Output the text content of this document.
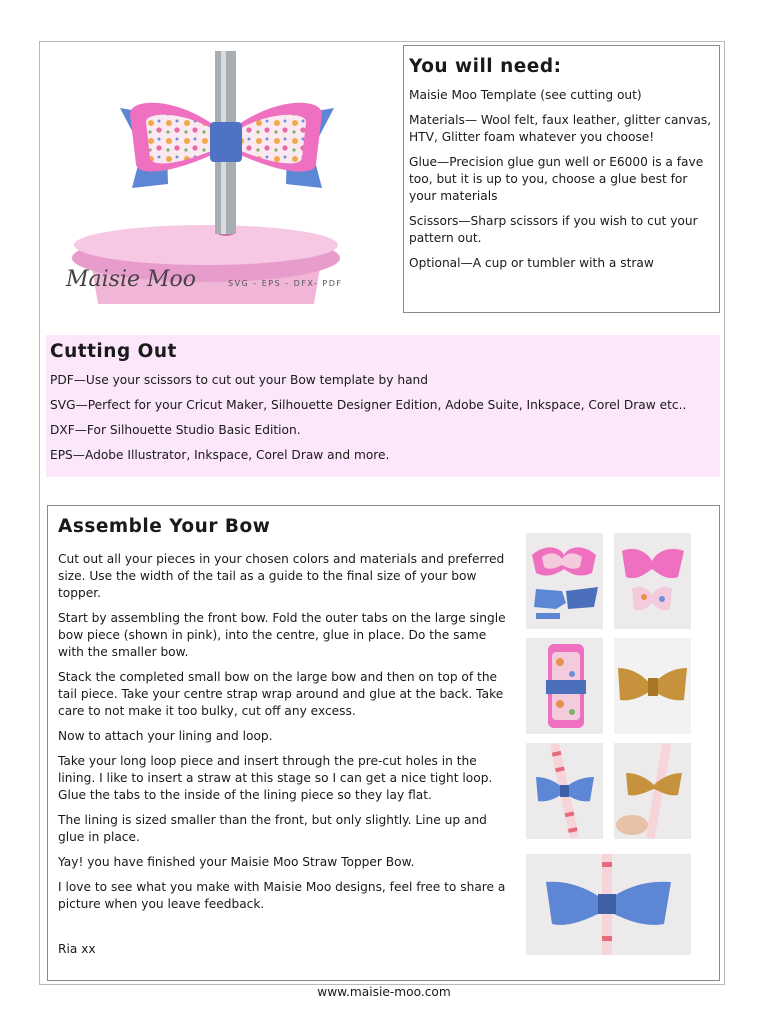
Maisie Moo	SVG - EPS - DFX- PDF
You will need:

Maisie Moo Template (see cutting out)

Materials— Wool felt, faux leather, glitter canvas, HTV, Glitter foam whatever you choose!

Glue—Precision glue gun well or E6000 is a fave too, but it is up to you, choose a glue best for your materials

Scissors—Sharp scissors if you wish to cut your pattern out.

Optional—A cup or tumbler with a straw

Cutting Out

PDF—Use your scissors to cut out your Bow template by hand

SVG—Perfect for your Cricut Maker, Silhouette Designer Edition, Adobe Suite, Inkspace, Corel Draw etc..

DXF—For Silhouette Studio Basic Edition.

EPS—Adobe Illustrator, Inkspace, Corel Draw and more.

Assemble Your Bow

Cut out all your pieces in your chosen colors and materials and preferred size. Use the width of the tail as a guide to the final size of your bow topper.

Start by assembling the front bow. Fold the outer tabs on the large single bow piece (shown in pink), into the centre, glue in place. Do the same with the smaller bow.

Stack the completed small bow on the large bow and then on top of the tail piece. Take your centre strap wrap around and glue at the back. Take care to not make it too bulky, cut off any excess.

Now to attach your lining and loop.

Take your long loop piece and insert through the pre-cut holes in the lining. I like to insert a straw at this stage so I can get a nice tight loop. Glue the tabs to the inside of the lining piece so they lay flat.

The lining is sized smaller than the front, but only slightly. Line up and glue in place.

Yay! you have finished your Maisie Moo Straw Topper Bow.

I love to see what you make with Maisie Moo designs, feel free to share a picture when you leave feedback.

Ria xx

www.maisie-moo.com
